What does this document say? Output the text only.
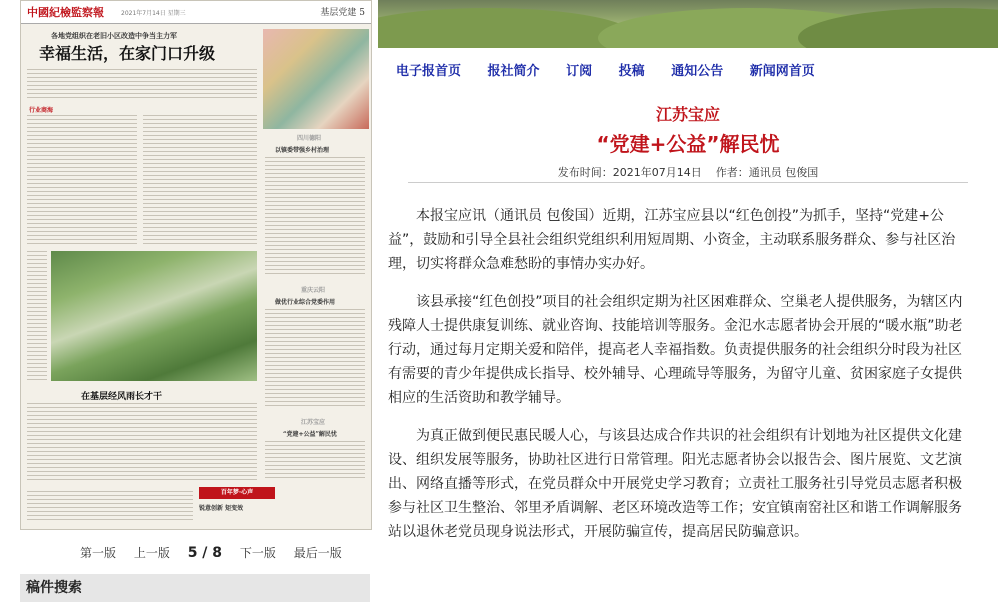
中國紀檢監察報	2021年7月14日 星期三	基层党建 5
各地党组织在老旧小区改造中争当主力军
幸福生活，在家门口升级
行业商海
四川德阳
以镇委带强乡村治理
重庆云阳
做优行业综合党委作用
在基层经风雨长才干
江苏宝应
“党建+公益”解民忧
百年梦·心声
锐意创新 矩变效
第一版 上一版 5 / 8 下一版 最后一版
稿件搜索
电子报首页 报社简介 订阅 投稿 通知公告 新闻网首页
江苏宝应
“党建+公益”解民忧
发布时间：2021年07月14日 作者：通讯员 包俊国

本报宝应讯（通讯员 包俊国）近期，江苏宝应县以“红色创投”为抓手，坚持“党建+公益”，鼓励和引导全县社会组织党组织利用短周期、小资金，主动联系服务群众、参与社区治理，切实将群众急难愁盼的事情办实办好。

该县承接“红色创投”项目的社会组织定期为社区困难群众、空巢老人提供服务，为辖区内残障人士提供康复训练、就业咨询、技能培训等服务。金氾水志愿者协会开展的“暖水瓶”助老行动，通过每月定期关爱和陪伴，提高老人幸福指数。负责提供服务的社会组织分时段为社区有需要的青少年提供成长指导、校外辅导、心理疏导等服务，为留守儿童、贫困家庭子女提供相应的生活资助和教学辅导。

为真正做到便民惠民暖人心，与该县达成合作共识的社会组织有计划地为社区提供文化建设、组织发展等服务，协助社区进行日常管理。阳光志愿者协会以报告会、图片展览、文艺演出、网络直播等形式，在党员群众中开展党史学习教育；立责社工服务社引导党员志愿者积极参与社区卫生整治、邻里矛盾调解、老区环境改造等工作；安宜镇南窑社区和谐工作调解服务站以退休老党员现身说法形式，开展防骗宣传，提高居民防骗意识。
